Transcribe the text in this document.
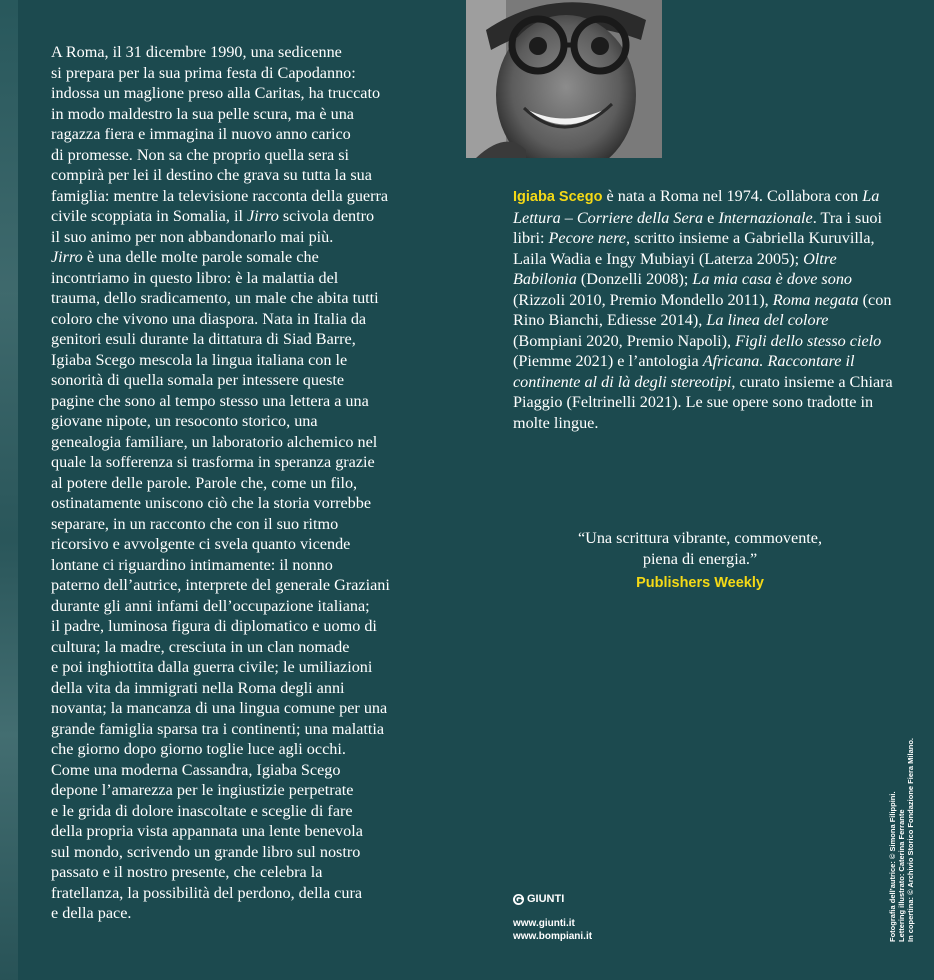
A Roma, il 31 dicembre 1990, una sedicenne

si prepara per la sua prima festa di Capodanno:

indossa un maglione preso alla Caritas, ha truccato

in modo maldestro la sua pelle scura, ma è una

ragazza fiera e immagina il nuovo anno carico

di promesse. Non sa che proprio quella sera si

compirà per lei il destino che grava su tutta la sua

famiglia: mentre la televisione racconta della guerra

civile scoppiata in Somalia, il Jirro scivola dentro

il suo animo per non abbandonarlo mai più.

Jirro è una delle molte parole somale che

incontriamo in questo libro: è la malattia del

trauma, dello sradicamento, un male che abita tutti

coloro che vivono una diaspora. Nata in Italia da

genitori esuli durante la dittatura di Siad Barre,

Igiaba Scego mescola la lingua italiana con le

sonorità di quella somala per intessere queste

pagine che sono al tempo stesso una lettera a una

giovane nipote, un resoconto storico, una

genealogia familiare, un laboratorio alchemico nel

quale la sofferenza si trasforma in speranza grazie

al potere delle parole. Parole che, come un filo,

ostinatamente uniscono ciò che la storia vorrebbe

separare, in un racconto che con il suo ritmo

ricorsivo e avvolgente ci svela quanto vicende

lontane ci riguardino intimamente: il nonno

paterno dell’autrice, interprete del generale Graziani

durante gli anni infami dell’occupazione italiana;

il padre, luminosa figura di diplomatico e uomo di

cultura; la madre, cresciuta in un clan nomade

e poi inghiottita dalla guerra civile; le umiliazioni

della vita da immigrati nella Roma degli anni

novanta; la mancanza di una lingua comune per una

grande famiglia sparsa tra i continenti; una malattia

che giorno dopo giorno toglie luce agli occhi.

Come una moderna Cassandra, Igiaba Scego

depone l’amarezza per le ingiustizie perpetrate

e le grida di dolore inascoltate e sceglie di fare

della propria vista appannata una lente benevola

sul mondo, scrivendo un grande libro sul nostro

passato e il nostro presente, che celebra la

fratellanza, la possibilità del perdono, della cura

e della pace.

Igiaba Scego è nata a Roma nel 1974. Collabora con La Lettura – Corriere della Sera e Internazionale. Tra i suoi libri: Pecore nere, scritto insieme a Gabriella Kuruvilla, Laila Wadia e Ingy Mubiayi (Laterza 2005); Oltre Babilonia (Donzelli 2008); La mia casa è dove sono (Rizzoli 2010, Premio Mondello 2011), Roma negata (con Rino Bianchi, Ediesse 2014), La linea del colore (Bompiani 2020, Premio Napoli), Figli dello stesso cielo (Piemme 2021) e l’antologia Africana. Raccontare il continente al di là degli stereotipi, curato insieme a Chiara Piaggio (Feltrinelli 2021). Le sue opere sono tradotte in molte lingue.

“Una scrittura vibrante, commovente,

piena di energia.”

Publishers Weekly
GIUNTI
www.giunti.it
www.bompiani.it	Fotografia dell’autrice: © Simona Filippini. Lettering illustrato: Caterina Ferrante In copertina: © Archivio Storico Fondazione Fiera Milano.
